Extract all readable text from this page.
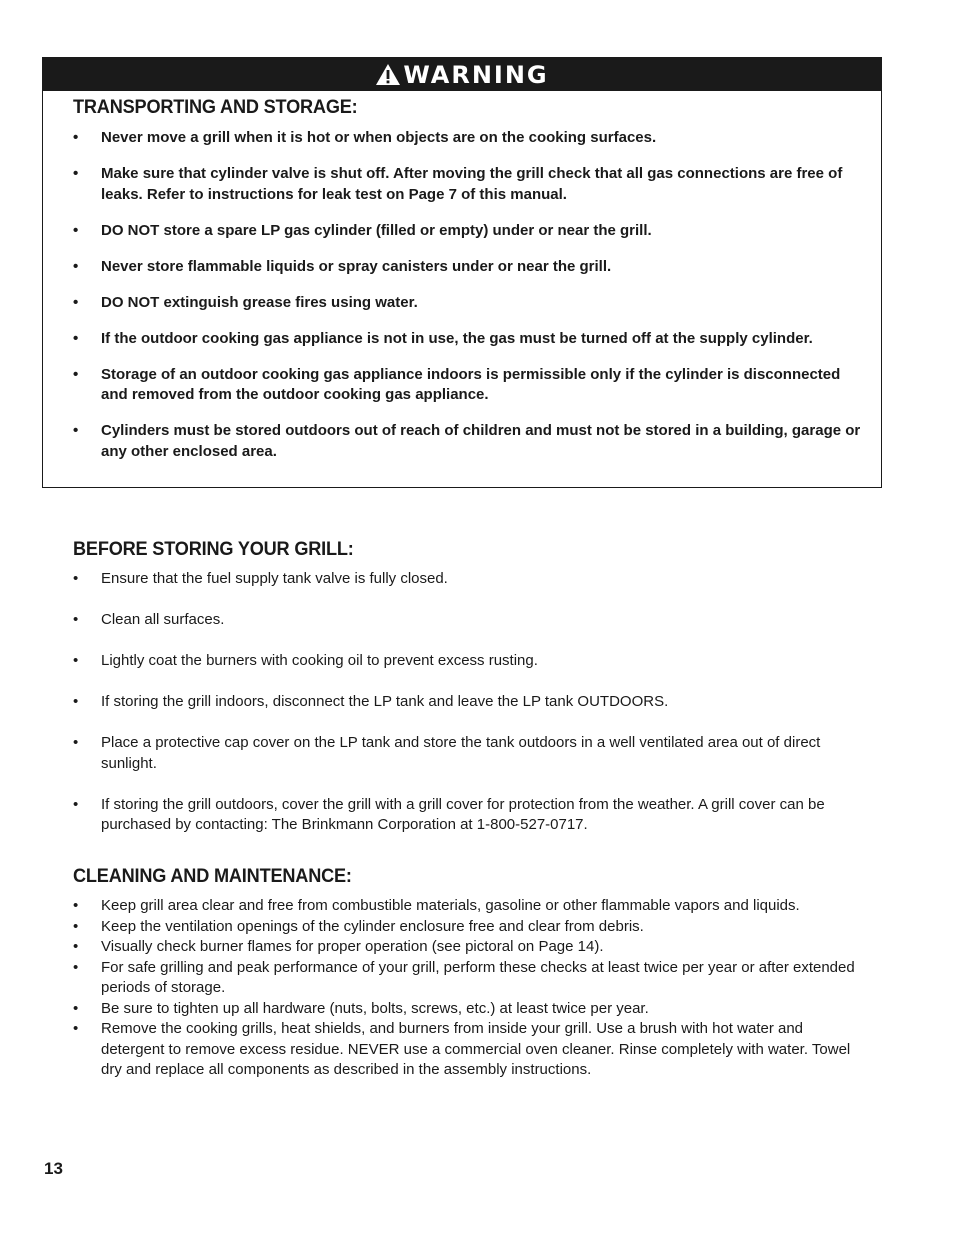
WARNING
TRANSPORTING AND STORAGE:
• Never move a grill when it is hot or when objects are on the cooking surfaces.
• Make sure that cylinder valve is shut off. After moving the grill check that all gas connections are free of leaks. Refer to instructions for leak test on Page 7 of this manual.
• DO NOT store a spare LP gas cylinder (filled or empty) under or near the grill.
• Never store flammable liquids or spray canisters under or near the grill.
• DO NOT extinguish grease fires using water.
• If the outdoor cooking gas appliance is not in use, the gas must be turned off at the supply cylinder.
• Storage of an outdoor cooking gas appliance indoors is permissible only if the cylinder is disconnected and removed from the outdoor cooking gas appliance.
• Cylinders must be stored outdoors out of reach of children and must not be stored in a building, garage or any other enclosed area.
BEFORE STORING YOUR GRILL:
• Ensure that the fuel supply tank valve is fully closed.
• Clean all surfaces.
• Lightly coat the burners with cooking oil to prevent excess rusting.
• If storing the grill indoors, disconnect the LP tank and leave the LP tank OUTDOORS.
• Place a protective cap cover on the LP tank and store the tank outdoors in a well ventilated area out of direct sunlight.
• If storing the grill outdoors, cover the grill with a grill cover for protection from the weather. A grill cover can be purchased by contacting: The Brinkmann Corporation at 1-800-527-0717.
CLEANING AND MAINTENANCE:
• Keep grill area clear and free from combustible materials, gasoline or other flammable vapors and liquids.
• Keep the ventilation openings of the cylinder enclosure free and clear from debris.
• Visually check burner flames for proper operation (see pictoral on Page 14).
• For safe grilling and peak performance of your grill, perform these checks at least twice per year or after extended periods of storage.
• Be sure to tighten up all hardware (nuts, bolts, screws, etc.) at least twice per year.
• Remove the cooking grills, heat shields, and burners from inside your grill. Use a brush with hot water and detergent to remove excess residue. NEVER use a commercial oven cleaner. Rinse completely with water. Towel dry and replace all components as described in the assembly instructions.
13
